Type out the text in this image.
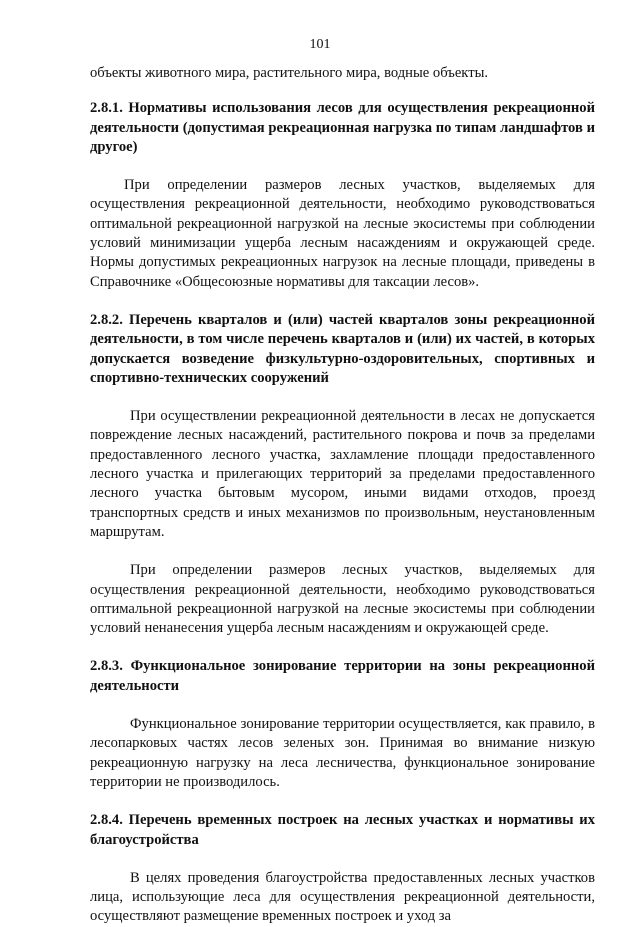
101

объекты животного мира, растительного мира, водные объекты.

2.8.1. Нормативы использования лесов для осуществления рекреационной деятельности (допустимая рекреационная нагрузка по типам ландшафтов и другое)

При определении размеров лесных участков, выделяемых для осуществления рекреационной деятельности, необходимо руководствоваться оптимальной рекреационной нагрузкой на лесные экосистемы при соблюдении условий минимизации ущерба лесным насаждениям и окружающей среде. Нормы допустимых рекреационных нагрузок на лесные площади, приведены в Справочнике «Общесоюзные нормативы для таксации лесов».

2.8.2. Перечень кварталов и (или) частей кварталов зоны рекреационной деятельности, в том числе перечень кварталов и (или) их частей, в которых допускается возведение физкультурно-оздоровительных, спортивных и спортивно-технических сооружений

При осуществлении рекреационной деятельности в лесах не допускается повреждение лесных насаждений, растительного покрова и почв за пределами предоставленного лесного участка, захламление площади предоставленного лесного участка и прилегающих территорий за пределами предоставленного лесного участка бытовым мусором, иными видами отходов, проезд транспортных средств и иных механизмов по произвольным, неустановленным маршрутам.

При определении размеров лесных участков, выделяемых для осуществления рекреационной деятельности, необходимо руководствоваться оптимальной рекреационной нагрузкой на лесные экосистемы при соблюдении условий ненанесения ущерба лесным насаждениям и окружающей среде.

2.8.3. Функциональное зонирование территории на зоны рекреационной деятельности

Функциональное зонирование территории осуществляется, как правило, в лесопарковых частях лесов зеленых зон. Принимая во внимание низкую рекреационную нагрузку на леса лесничества, функциональное зонирование территории не производилось.

2.8.4. Перечень временных построек на лесных участках и нормативы их благоустройства

В целях проведения благоустройства предоставленных лесных участков лица, использующие леса для осуществления рекреационной деятельности, осуществляют размещение временных построек и уход за
